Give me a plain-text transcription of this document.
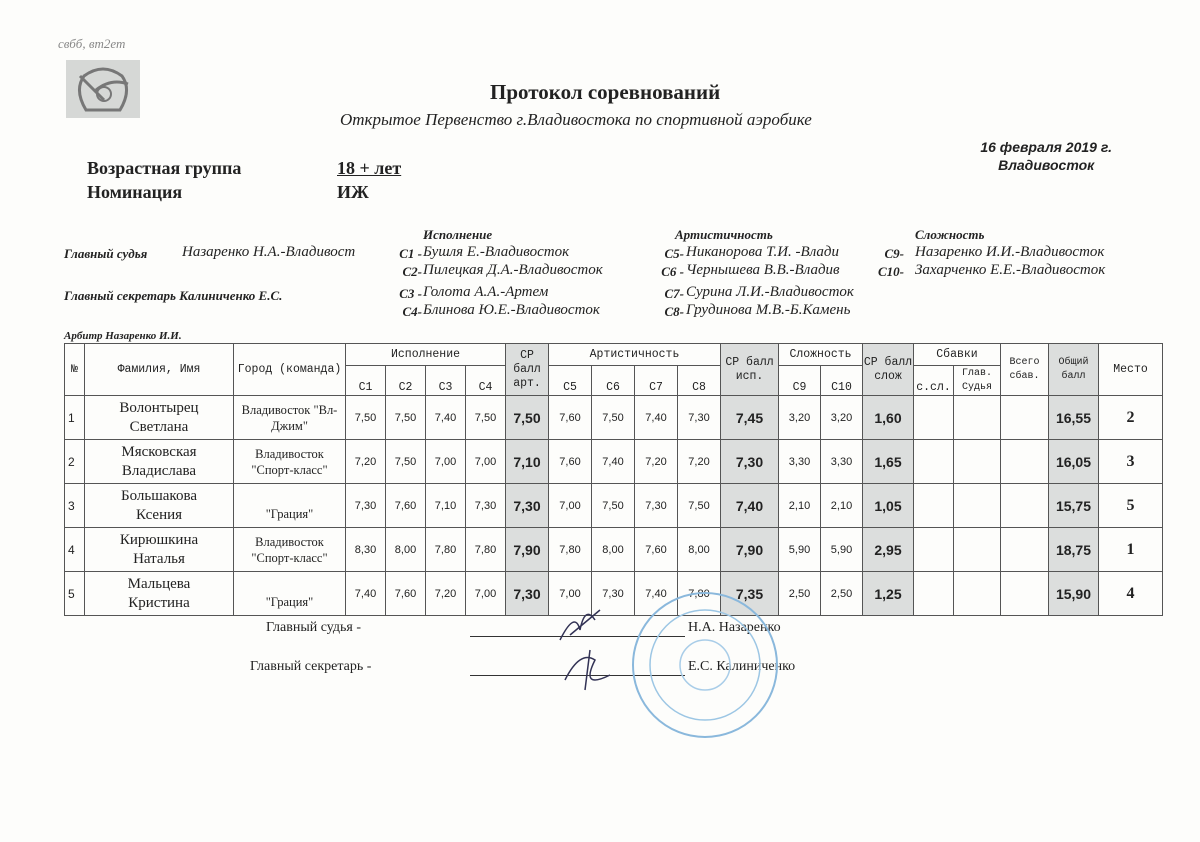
свбб, вт2ет
Протокол соревнований
Открытое Первенство г.Владивостока по спортивной аэробике
16 февраля 2019 г.
Владивосток
Возрастная группа	18 + лет
Номинация	ИЖ
Исполнение	Артистичность	Сложность
Главный судья Назаренко Н.А.-Владивост
Главный секретарь Калиниченко Е.С.
Арбитр Назаренко И.И.
C1 - Бушля Е.-Владивосток
C2- Пилецкая Д.А.-Владивосток
C3 - Голота А.А.-Артем
C4- Блинова Ю.Е.-Владивосток
C5- Никанорова Т.И. -Влади
C6 - Чернышева В.В.-Владив
C7- Сурина Л.И.-Владивосток
C8- Грудинова М.В.-Б.Камень
C9- Назаренко И.И.-Владивосток
C10- Захарченко Е.Е.-Владивосток
№	Фамилия, Имя	Город (команда)	Исполнение				СР балл арт.	Артистичность				СР балл исп.	Сложность		СР балл слож	Сбавки		Всего сбав.	Общий балл	Место
			C1	C2	C3	C4		C5	C6	C7	C8		C9	C10		с.сл.	Глав. Судья			
1	Волонтырец
Светлана	Владивосток "Вл-
Джим"	7,50	7,50	7,40	7,50	7,50	7,60	7,50	7,40	7,30	7,45	3,20	3,20	1,60				16,55	2
2	Мясковская
Владислава	Владивосток
"Спорт-класс"	7,20	7,50	7,00	7,00	7,10	7,60	7,40	7,20	7,20	7,30	3,30	3,30	1,65				16,05	3
3	Большакова
Ксения	"Грация"	7,30	7,60	7,10	7,30	7,30	7,00	7,50	7,30	7,50	7,40	2,10	2,10	1,05				15,75	5
4	Кирюшкина
Наталья	Владивосток
"Спорт-класс"	8,30	8,00	7,80	7,80	7,90	7,80	8,00	7,60	8,00	7,90	5,90	5,90	2,95				18,75	1
5	Мальцева
Кристина	"Грация"	7,40	7,60	7,20	7,00	7,30	7,00	7,30	7,40	7,80	7,35	2,50	2,50	1,25				15,90	4
Главный судья -	Н.А. Назаренко
Главный секретарь -	Е.С. Калиниченко
